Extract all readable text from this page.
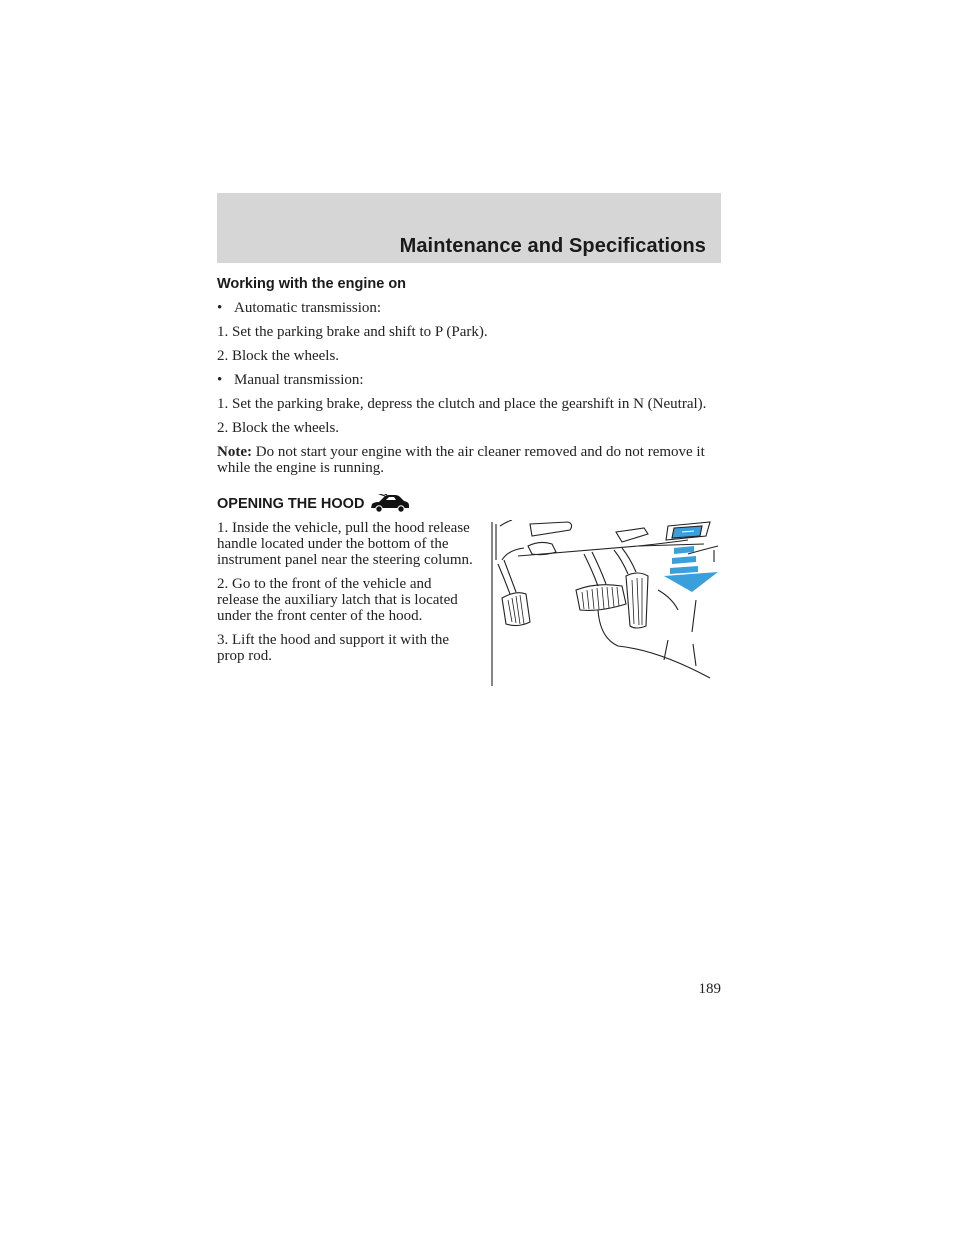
Maintenance and Specifications
Working with the engine on
• Automatic transmission:

1. Set the parking brake and shift to P (Park).

2. Block the wheels.

• Manual transmission:

1. Set the parking brake, depress the clutch and place the gearshift in N (Neutral).

2. Block the wheels.

Note: Do not start your engine with the air cleaner removed and do not remove it while the engine is running.

OPENING THE HOOD

1. Inside the vehicle, pull the hood release handle located under the bottom of the instrument panel near the steering column.

2. Go to the front of the vehicle and release the auxiliary latch that is located under the front center of the hood.

3. Lift the hood and support it with the prop rod.

189
